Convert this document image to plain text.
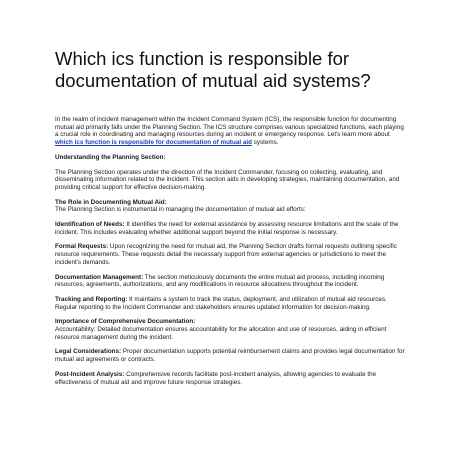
Which ics function is responsible for documentation of mutual aid systems?

In the realm of incident management within the Incident Command System (ICS), the responsible function for documenting mutual aid primarily falls under the Planning Section. The ICS structure comprises various specialized functions, each playing a crucial role in coordinating and managing resources during an incident or emergency response. Let's learn more about which ics function is responsible for documentation of mutual aid systems.

Understanding the Planning Section:

The Planning Section operates under the direction of the Incident Commander, focusing on collecting, evaluating, and disseminating information related to the incident. This section aids in developing strategies, maintaining documentation, and providing critical support for effective decision-making.

The Role in Documenting Mutual Aid:
The Planning Section is instrumental in managing the documentation of mutual aid efforts:

Identification of Needs: It identifies the need for external assistance by assessing resource limitations and the scale of the incident. This includes evaluating whether additional support beyond the initial response is necessary.

Formal Requests: Upon recognizing the need for mutual aid, the Planning Section drafts formal requests outlining specific resource requirements. These requests detail the necessary support from external agencies or jurisdictions to meet the incident's demands.

Documentation Management: The section meticulously documents the entire mutual aid process, including incoming resources, agreements, authorizations, and any modifications in resource allocations throughout the incident.

Tracking and Reporting: It maintains a system to track the status, deployment, and utilization of mutual aid resources. Regular reporting to the Incident Commander and stakeholders ensures updated information for decision-making.

Importance of Comprehensive Documentation:
Accountability: Detailed documentation ensures accountability for the allocation and use of resources, aiding in efficient resource management during the incident.

Legal Considerations: Proper documentation supports potential reimbursement claims and provides legal documentation for mutual aid agreements or contracts.

Post-Incident Analysis: Comprehensive records facilitate post-incident analysis, allowing agencies to evaluate the effectiveness of mutual aid and improve future response strategies.
